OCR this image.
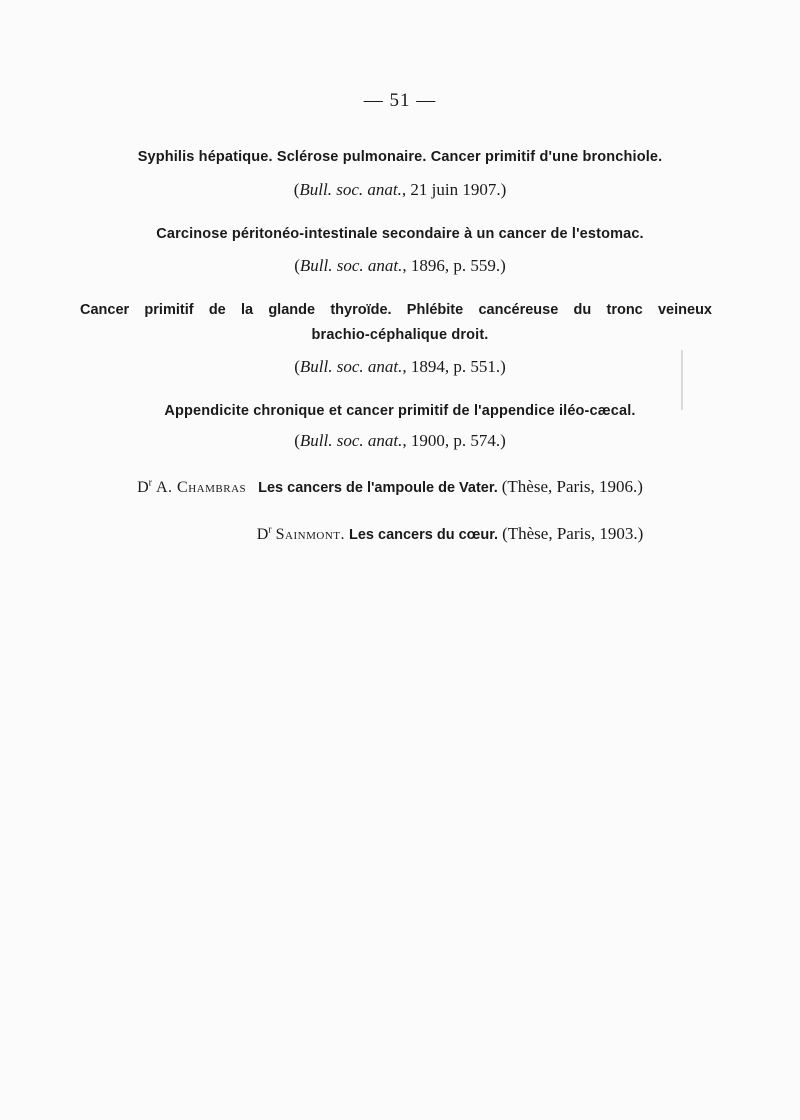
— 51 —
Syphilis hépatique. Sclérose pulmonaire. Cancer primitif d'une bronchiole.
(Bull. soc. anat., 21 juin 1907.)
Carcinose péritonéo-intestinale secondaire à un cancer de l'estomac.
(Bull. soc. anat., 1896, p. 559.)
Cancer primitif de la glande thyroïde. Phlébite cancéreuse du tronc veineux
brachio-céphalique droit.
(Bull. soc. anat., 1894, p. 551.)
Appendicite chronique et cancer primitif de l'appendice iléo-cæcal.
(Bull. soc. anat., 1900, p. 574.)
$D^r$ A. Chambras Les cancers de l'ampoule de Vater. (Thèse, Paris, 1906.)
$D^r$ Sainmont. Les cancers du cœur. (Thèse, Paris, 1903.)
